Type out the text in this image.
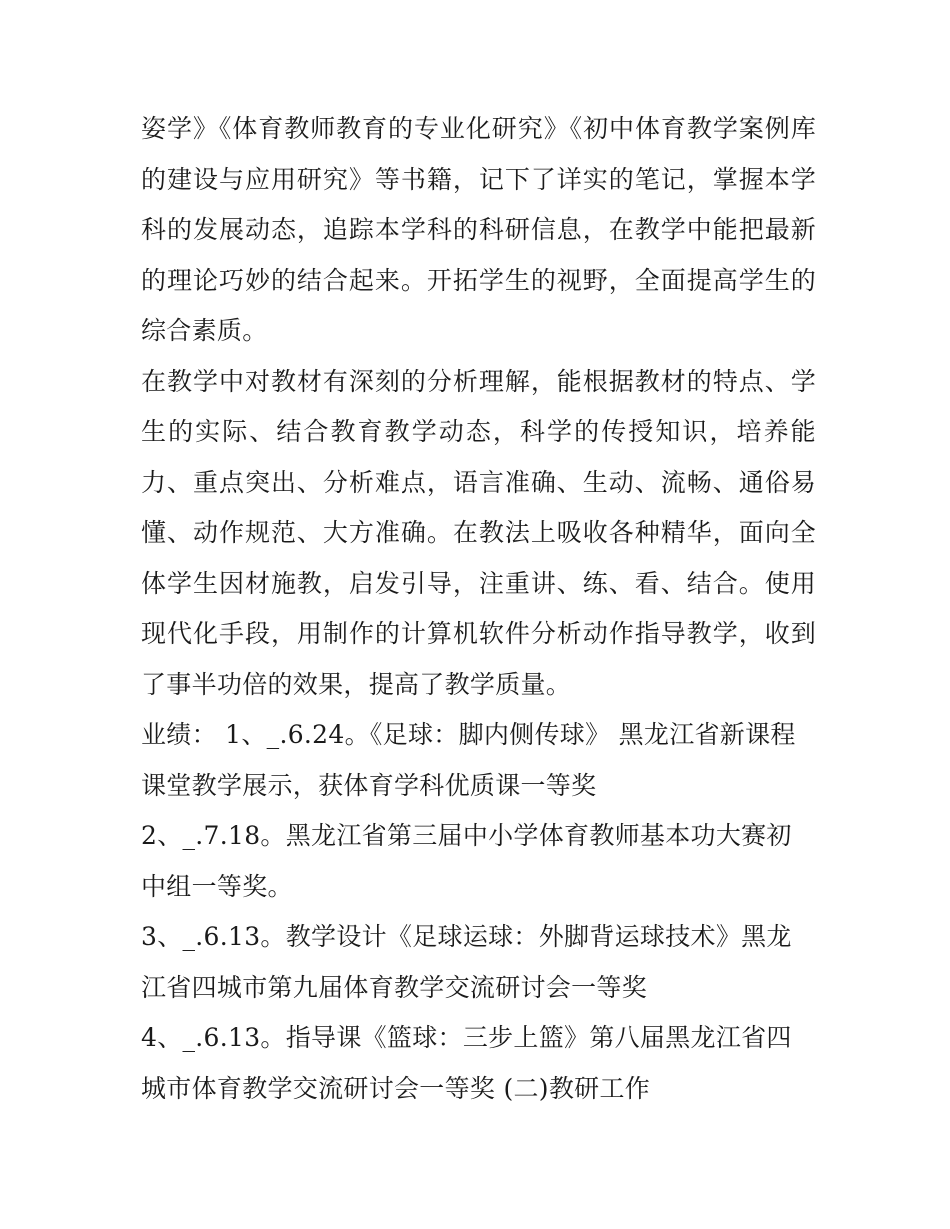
姿学》《体育教师教育的专业化研究》《初中体育教学案例库的建设与应用研究》等书籍，记下了详实的笔记，掌握本学科的发展动态，追踪本学科的科研信息，在教学中能把最新的理论巧妙的结合起来。开拓学生的视野，全面提高学生的综合素质。

在教学中对教材有深刻的分析理解，能根据教材的特点、学生的实际、结合教育教学动态，科学的传授知识，培养能力、重点突出、分析难点，语言准确、生动、流畅、通俗易懂、动作规范、大方准确。在教法上吸收各种精华，面向全体学生因材施教，启发引导，注重讲、练、看、结合。使用现代化手段，用制作的计算机软件分析动作指导教学，收到了事半功倍的效果，提高了教学质量。

业绩： 1、_.6.24。《足球：脚内侧传球》 黑龙江省新课程课堂教学展示，获体育学科优质课一等奖

2、_.7.18。黑龙江省第三届中小学体育教师基本功大赛初中组一等奖。

3、_.6.13。教学设计《足球运球：外脚背运球技术》黑龙江省四城市第九届体育教学交流研讨会一等奖

4、_.6.13。指导课《篮球：三步上篮》第八届黑龙江省四城市体育教学交流研讨会一等奖 (二)教研工作
